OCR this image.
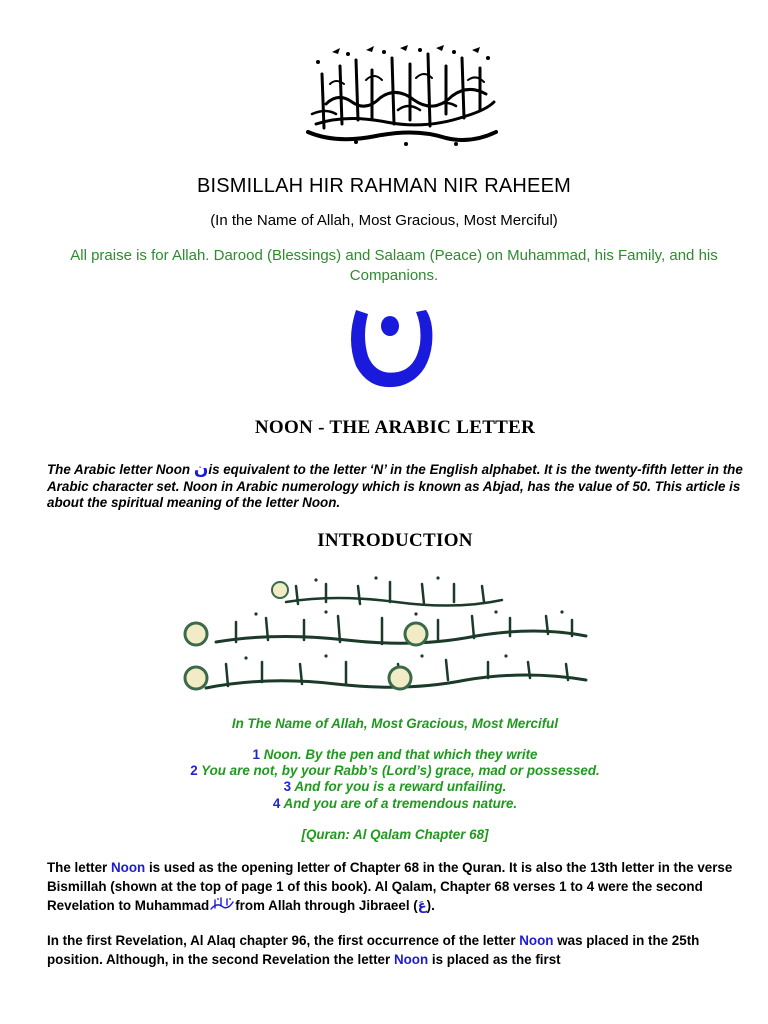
BISMILLAH HIR RAHMAN NIR RAHEEM
(In the Name of Allah, Most Gracious, Most Merciful)
All praise is for Allah. Darood (Blessings) and Salaam (Peace) on Muhammad, his Family, and his Companions.
NOON - THE ARABIC LETTER
The Arabic letter Noon نis equivalent to the letter ‘N’ in the English alphabet. It is the twenty-fifth letter in the Arabic character set. Noon in Arabic numerology which is known as Abjad, has the value of 50. This article is about the spiritual meaning of the letter Noon.
INTRODUCTION
In The Name of Allah, Most Gracious, Most Merciful
1 Noon. By the pen and that which they write
2 You are not, by your Rabb’s (Lord’s) grace, mad or possessed.
3 And for you is a reward unfailing.
4 And you are of a tremendous nature.
[Quran: Al Qalam Chapter 68]
The letter Noon is used as the opening letter of Chapter 68 in the Quran. It is also the 13th letter in the verse Bismillah (shown at the top of page 1 of this book). Al Qalam, Chapter 68 verses 1 to 4 were the second Revelation to Muhammad from Allah through Jibraeel (عَ).
In the first Revelation, Al Alaq chapter 96, the first occurrence of the letter Noon was placed in the 25th position. Although, in the second Revelation the letter Noon is placed as the first
